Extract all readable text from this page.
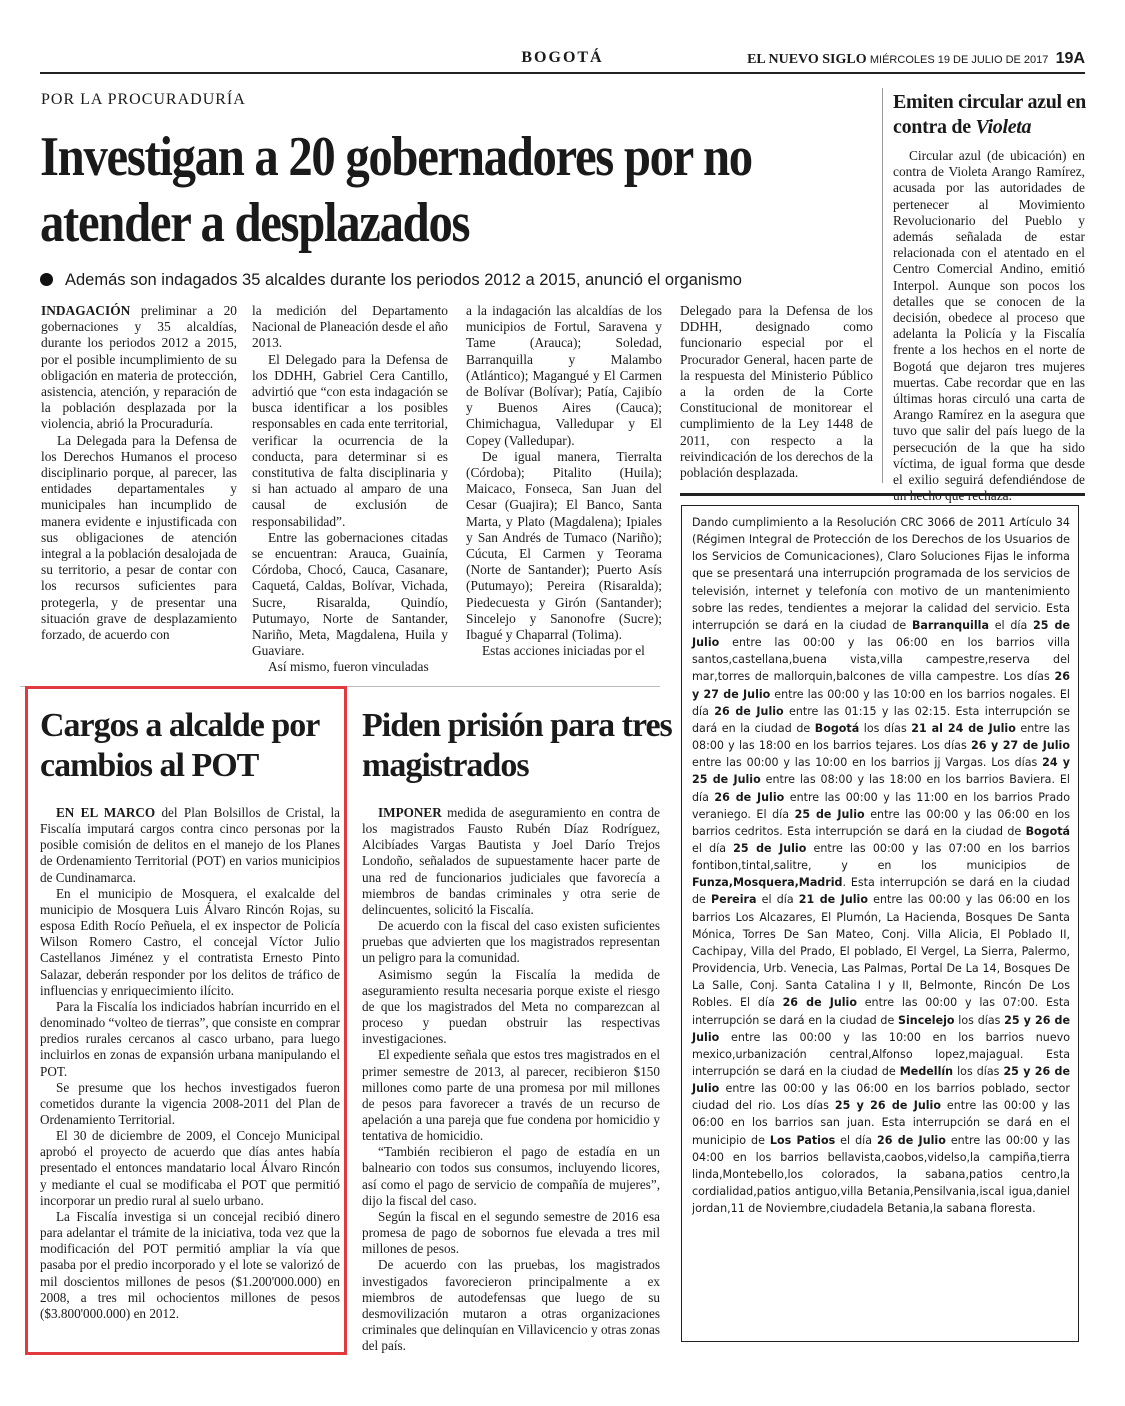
BOGOTÁ	EL NUEVO SIGLO MIÉRCOLES 19 DE JULIO DE 2017 19A
POR LA PROCURADURÍA
Investigan a 20 gobernadores por no atender a desplazados
Además son indagados 35 alcaldes durante los periodos 2012 a 2015, anunció el organismo

INDAGACIÓN preliminar a 20 gobernaciones y 35 alcaldías, durante los periodos 2012 a 2015, por el posible incumplimiento de su obligación en materia de protección, asistencia, atención, y reparación de la población desplazada por la violencia, abrió la Procuraduría.

La Delegada para la Defensa de los Derechos Humanos el proceso disciplinario porque, al parecer, las entidades departamentales y municipales han incumplido de manera evidente e injustificada con sus obligaciones de atención integral a la población desalojada de su territorio, a pesar de contar con los recursos suficientes para protegerla, y de presentar una situación grave de desplazamiento forzado, de acuerdo con

la medición del Departamento Nacional de Planeación desde el año 2013.

El Delegado para la Defensa de los DDHH, Gabriel Cera Cantillo, advirtió que “con esta indagación se busca identificar a los posibles responsables en cada ente territorial, verificar la ocurrencia de la conducta, para determinar si es constitutiva de falta disciplinaria y si han actuado al amparo de una causal de exclusión de responsabilidad”.

Entre las gobernaciones citadas se encuentran: Arauca, Guainía, Córdoba, Chocó, Cauca, Casanare, Caquetá, Caldas, Bolívar, Vichada, Sucre, Risaralda, Quindío, Putumayo, Norte de Santander, Nariño, Meta, Magdalena, Huila y Guaviare.

Así mismo, fueron vinculadas

a la indagación las alcaldías de los municipios de Fortul, Saravena y Tame (Arauca); Soledad, Barranquilla y Malambo (Atlántico); Magangué y El Carmen de Bolívar (Bolívar); Patía, Cajibío y Buenos Aires (Cauca); Chimichagua, Valledupar y El Copey (Valledupar).

De igual manera, Tierralta (Córdoba); Pitalito (Huila); Maicaco, Fonseca, San Juan del Cesar (Guajira); El Banco, Santa Marta, y Plato (Magdalena); Ipiales y San Andrés de Tumaco (Nariño); Cúcuta, El Carmen y Teorama (Norte de Santander); Puerto Asís (Putumayo); Pereira (Risaralda); Piedecuesta y Girón (Santander); Sincelejo y Sanonofre (Sucre); Ibagué y Chaparral (Tolima).

Estas acciones iniciadas por el

Delegado para la Defensa de los DDHH, designado como funcionario especial por el Procurador General, hacen parte de la respuesta del Ministerio Público a la orden de la Corte Constitucional de monitorear el cumplimiento de la Ley 1448 de 2011, con respecto a la reivindicación de los derechos de la población desplazada.

Emiten circular azul en contra de Violeta

Circular azul (de ubicación) en contra de Violeta Arango Ramírez, acusada por las autoridades de pertenecer al Movimiento Revolucionario del Pueblo y además señalada de estar relacionada con el atentado en el Centro Comercial Andino, emitió Interpol. Aunque son pocos los detalles que se conocen de la decisión, obedece al proceso que adelanta la Policía y la Fiscalía frente a los hechos en el norte de Bogotá que dejaron tres mujeres muertas. Cabe recordar que en las últimas horas circuló una carta de Arango Ramírez en la asegura que tuvo que salir del país luego de la persecución de la que ha sido víctima, de igual forma que desde el exilio seguirá defendiéndose de un hecho que rechaza.

Dando cumplimiento a la Resolución CRC 3066 de 2011 Artículo 34 (Régimen Integral de Protección de los Derechos de los Usuarios de los Servicios de Comunicaciones), Claro Soluciones Fijas le informa que se presentará una interrupción programada de los servicios de televisión, internet y telefonía con motivo de un mantenimiento sobre las redes, tendientes a mejorar la calidad del servicio. Esta interrupción se dará en la ciudad de Barranquilla el día 25 de Julio entre las 00:00 y las 06:00 en los barrios villa santos,castellana,buena vista,villa campestre,reserva del mar,torres de mallorquin,balcones de villa campestre. Los días 26 y 27 de Julio entre las 00:00 y las 10:00 en los barrios nogales. El día 26 de Julio entre las 01:15 y las 02:15. Esta interrupción se dará en la ciudad de Bogotá los días 21 al 24 de Julio entre las 08:00 y las 18:00 en los barrios tejares. Los días 26 y 27 de Julio entre las 00:00 y las 10:00 en los barrios jj Vargas. Los días 24 y 25 de Julio entre las 08:00 y las 18:00 en los barrios Baviera. El día 26 de Julio entre las 00:00 y las 11:00 en los barrios Prado veraniego. El día 25 de Julio entre las 00:00 y las 06:00 en los barrios cedritos. Esta interrupción se dará en la ciudad de Bogotá el día 25 de Julio entre las 00:00 y las 07:00 en los barrios fontibon,tintal,salitre, y en los municipios de Funza,Mosquera,Madrid. Esta interrupción se dará en la ciudad de Pereira el día 21 de Julio entre las 00:00 y las 06:00 en los barrios Los Alcazares, El Plumón, La Hacienda, Bosques De Santa Mónica, Torres De San Mateo, Conj. Villa Alicia, El Poblado II, Cachipay, Villa del Prado, El poblado, El Vergel, La Sierra, Palermo, Providencia, Urb. Venecia, Las Palmas, Portal De La 14, Bosques De La Salle, Conj. Santa Catalina I y II, Belmonte, Rincón De Los Robles. El día 26 de Julio entre las 00:00 y las 07:00. Esta interrupción se dará en la ciudad de Sincelejo los días 25 y 26 de Julio entre las 00:00 y las 10:00 en los barrios nuevo mexico,urbanización central,Alfonso lopez,majagual. Esta interrupción se dará en la ciudad de Medellín los días 25 y 26 de Julio entre las 00:00 y las 06:00 en los barrios poblado, sector ciudad del rio. Los días 25 y 26 de Julio entre las 00:00 y las 06:00 en los barrios san juan. Esta interrupción se dará en el municipio de Los Patios el día 26 de Julio entre las 00:00 y las 04:00 en los barrios bellavista,caobos,videlso,la campiña,tierra linda,Montebello,los colorados, la sabana,patios centro,la cordialidad,patios antiguo,villa Betania,Pensilvania,iscal igua,daniel jordan,11 de Noviembre,ciudadela Betania,la sabana floresta.
Cargos a alcalde por cambios al POT

EN EL MARCO del Plan Bolsillos de Cristal, la Fiscalía imputará cargos contra cinco personas por la posible comisión de delitos en el manejo de los Planes de Ordenamiento Territorial (POT) en varios municipios de Cundinamarca.

En el municipio de Mosquera, el exalcalde del municipio de Mosquera Luis Álvaro Rincón Rojas, su esposa Edith Rocío Peñuela, el ex inspector de Policía Wilson Romero Castro, el concejal Víctor Julio Castellanos Jiménez y el contratista Ernesto Pinto Salazar, deberán responder por los delitos de tráfico de influencias y enriquecimiento ilícito.

Para la Fiscalía los indiciados habrían incurrido en el denominado “volteo de tierras”, que consiste en comprar predios rurales cercanos al casco urbano, para luego incluirlos en zonas de expansión urbana manipulando el POT.

Se presume que los hechos investigados fueron cometidos durante la vigencia 2008-2011 del Plan de Ordenamiento Territorial.

El 30 de diciembre de 2009, el Concejo Municipal aprobó el proyecto de acuerdo que días antes había presentado el entonces mandatario local Álvaro Rincón y mediante el cual se modificaba el POT que permitió incorporar un predio rural al suelo urbano.

La Fiscalía investiga si un concejal recibió dinero para adelantar el trámite de la iniciativa, toda vez que la modificación del POT permitió ampliar la vía que pasaba por el predio incorporado y el lote se valorizó de mil doscientos millones de pesos ($1.200'000.000) en 2008, a tres mil ochocientos millones de pesos ($3.800'000.000) en 2012.

Piden prisión para tres magistrados

IMPONER medida de aseguramiento en contra de los magistrados Fausto Rubén Díaz Rodríguez, Alcibíades Vargas Bautista y Joel Darío Trejos Londoño, señalados de supuestamente hacer parte de una red de funcionarios judiciales que favorecía a miembros de bandas criminales y otra serie de delincuentes, solicitó la Fiscalía.

De acuerdo con la fiscal del caso existen suficientes pruebas que advierten que los magistrados representan un peligro para la comunidad.

Asimismo según la Fiscalía la medida de aseguramiento resulta necesaria porque existe el riesgo de que los magistrados del Meta no comparezcan al proceso y puedan obstruir las respectivas investigaciones.

El expediente señala que estos tres magistrados en el primer semestre de 2013, al parecer, recibieron $150 millones como parte de una promesa por mil millones de pesos para favorecer a través de un recurso de apelación a una pareja que fue condena por homicidio y tentativa de homicidio.

“También recibieron el pago de estadía en un balneario con todos sus consumos, incluyendo licores, así como el pago de servicio de compañía de mujeres”, dijo la fiscal del caso.

Según la fiscal en el segundo semestre de 2016 esa promesa de pago de sobornos fue elevada a tres mil millones de pesos.

De acuerdo con las pruebas, los magistrados investigados favorecieron principalmente a ex miembros de autodefensas que luego de su desmovilización mutaron a otras organizaciones criminales que delinquían en Villavicencio y otras zonas del país.
